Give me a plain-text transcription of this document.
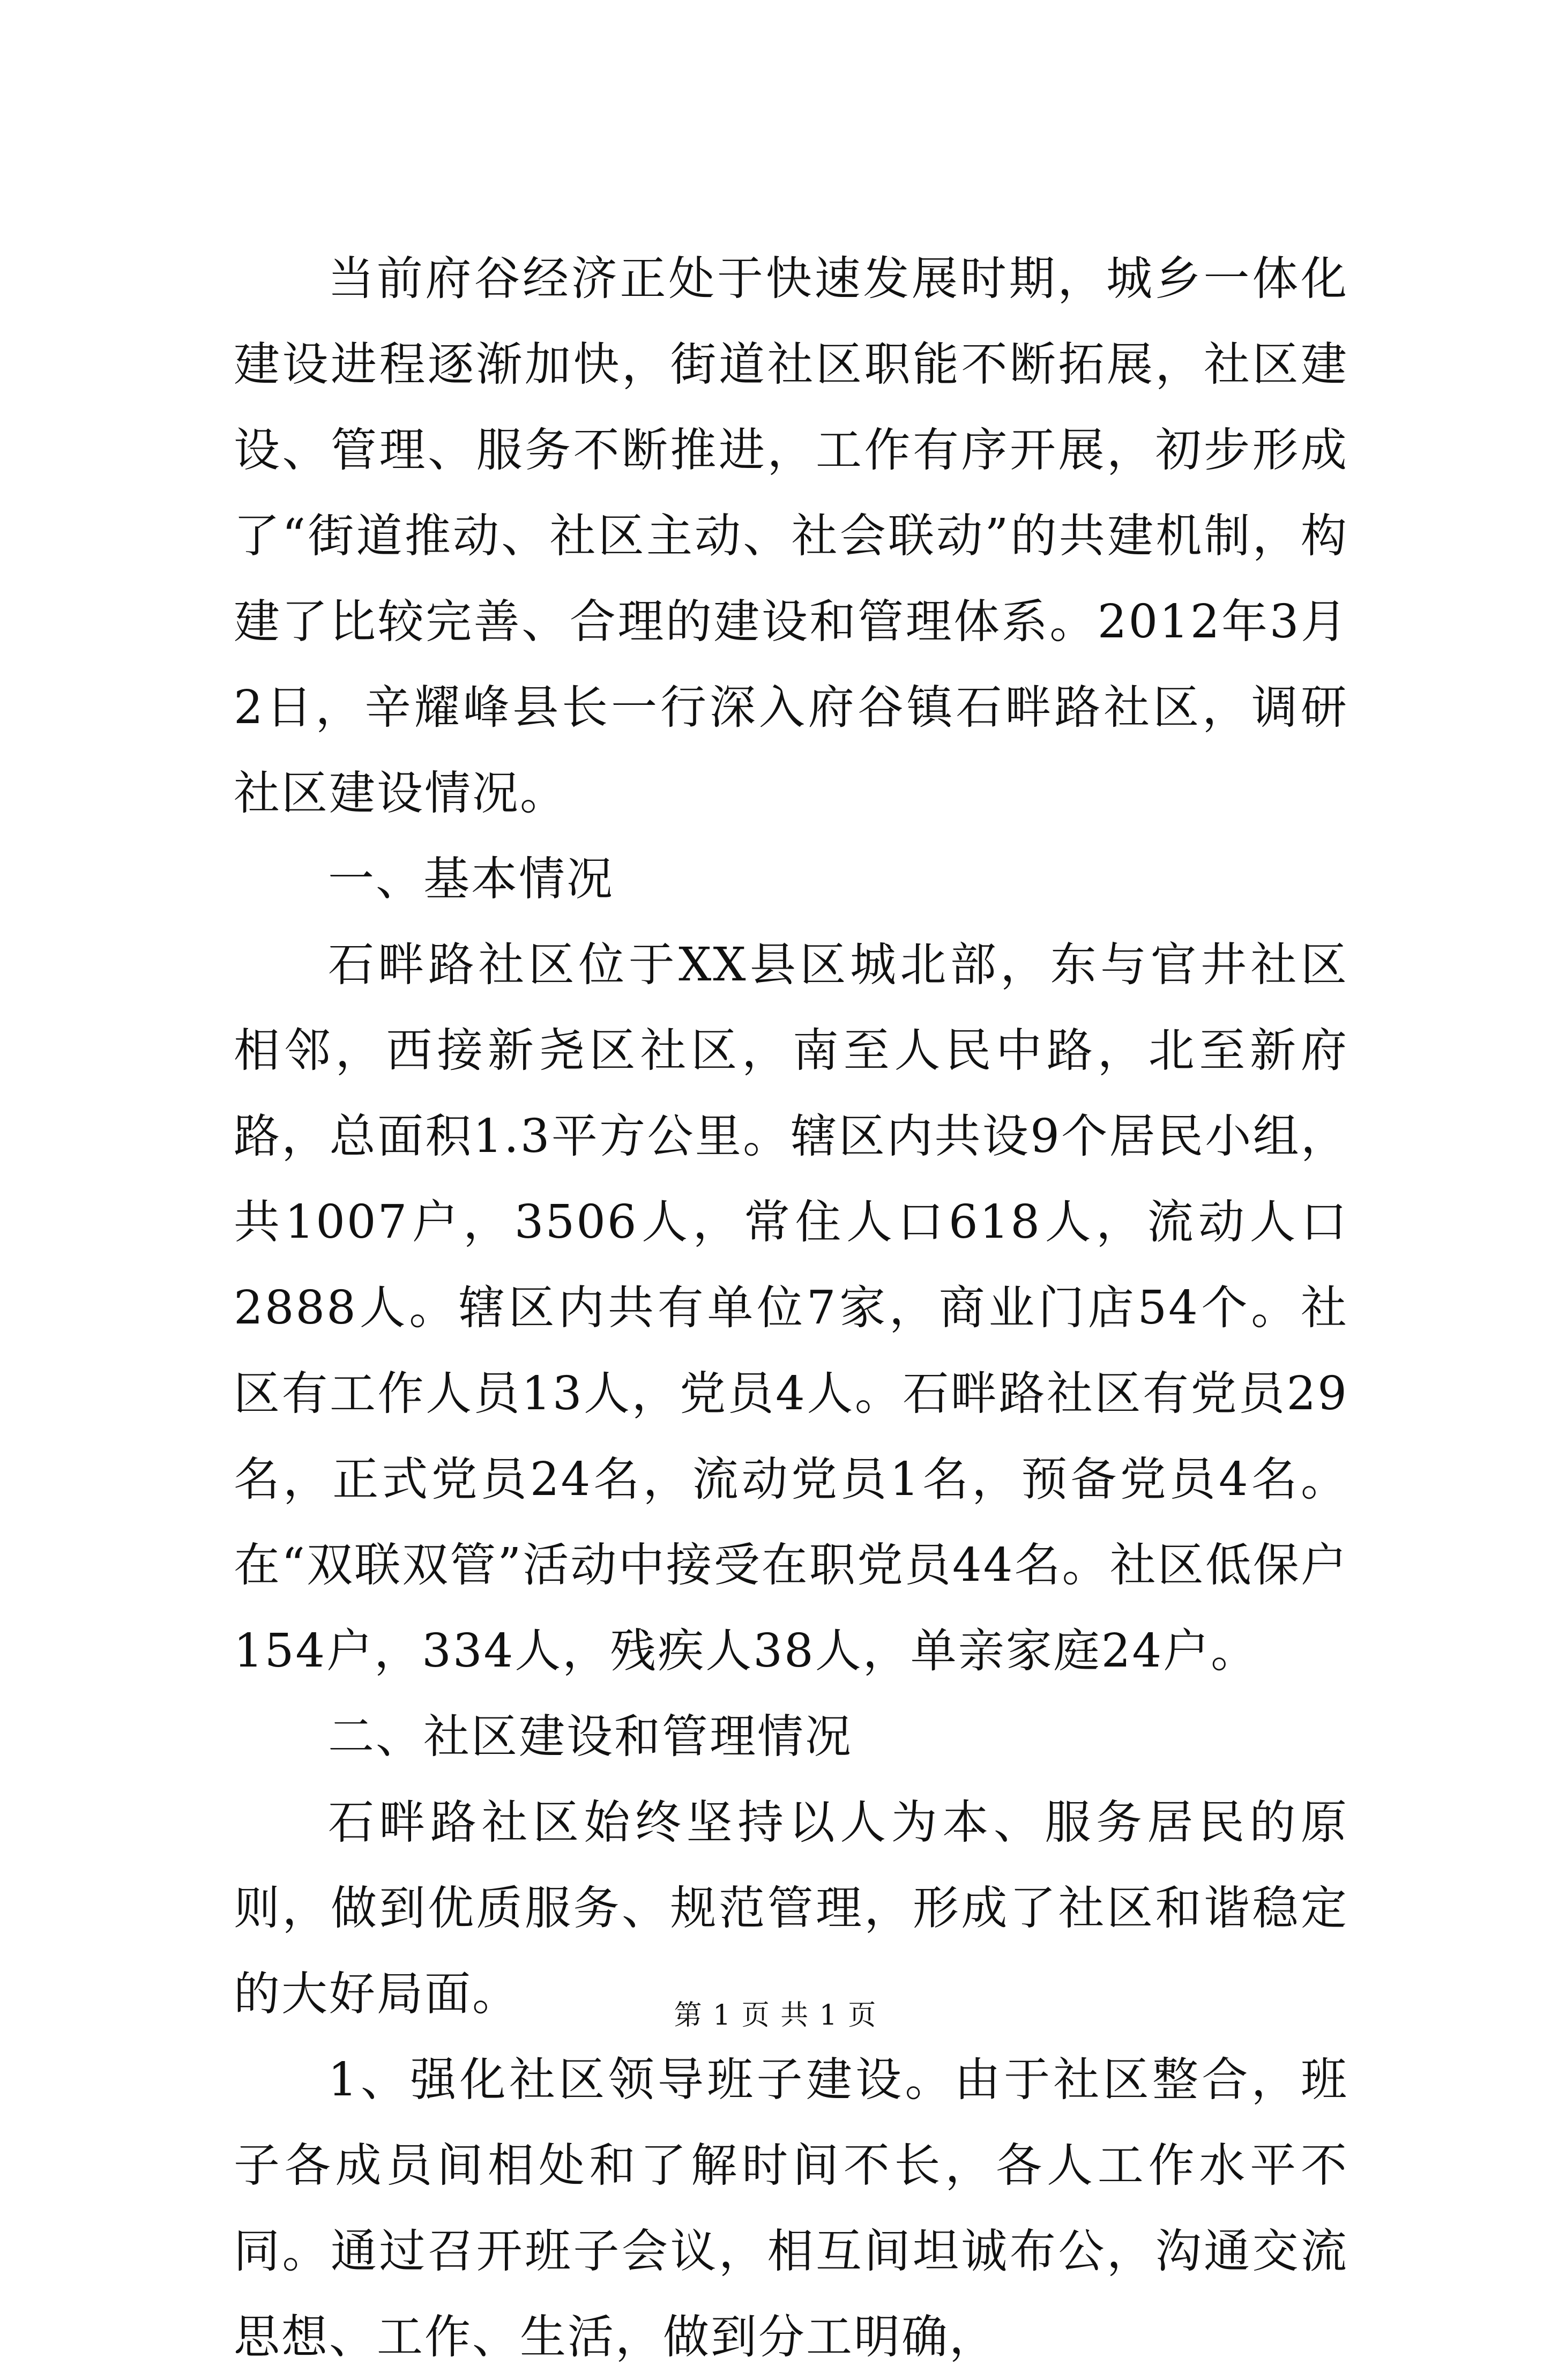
当前府谷经济正处于快速发展时期，城乡一体化建设进程逐渐加快，街道社区职能不断拓展，社区建设、管理、服务不断推进，工作有序开展，初步形成了“街道推动、社区主动、社会联动”的共建机制，构建了比较完善、合理的建设和管理体系。2012年3月2日，辛耀峰县长一行深入府谷镇石畔路社区，调研社区建设情况。

一、基本情况

石畔路社区位于XX县区城北部，东与官井社区相邻，西接新尧区社区，南至人民中路，北至新府路，总面积1.3平方公里。辖区内共设9个居民小组，共1007户，3506人，常住人口618人，流动人口2888人。辖区内共有单位7家，商业门店54个。社区有工作人员13人，党员4人。石畔路社区有党员29名，正式党员24名，流动党员1名，预备党员4名。在“双联双管”活动中接受在职党员44名。社区低保户154户，334人，残疾人38人，单亲家庭24户。

二、社区建设和管理情况

石畔路社区始终坚持以人为本、服务居民的原则，做到优质服务、规范管理，形成了社区和谐稳定的大好局面。

1、强化社区领导班子建设。由于社区整合，班子各成员间相处和了解时间不长，各人工作水平不同。通过召开班子会议，相互间坦诚布公，沟通交流思想、工作、生活，做到分工明确，

第 1 页 共 1 页
